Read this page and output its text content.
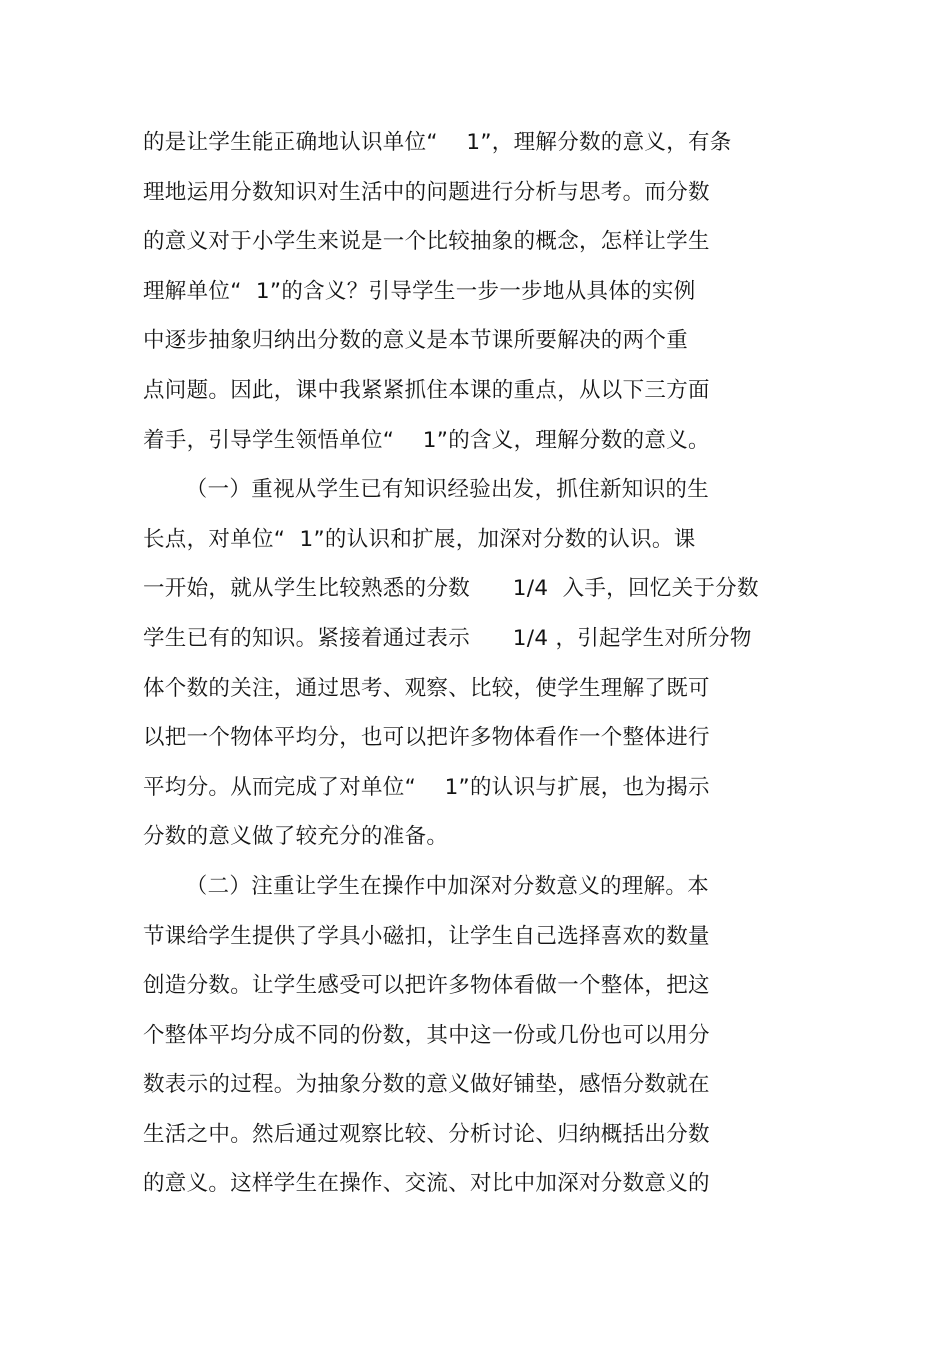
的是让学生能正确地认识单位“    1”，理解分数的意义，有条
理地运用分数知识对生活中的问题进行分析与思考。而分数
的意义对于小学生来说是一个比较抽象的概念，怎样让学生
理解单位“  1”的含义？引导学生一步一步地从具体的实例
中逐步抽象归纳出分数的意义是本节课所要解决的两个重
点问题。因此，课中我紧紧抓住本课的重点，从以下三方面
着手，引导学生领悟单位“    1”的含义，理解分数的意义。
（一）重视从学生已有知识经验出发，抓住新知识的生
长点，对单位“  1”的认识和扩展，加深对分数的认识。课
一开始，就从学生比较熟悉的分数      1/4  入手，回忆关于分数
学生已有的知识。紧接着通过表示      1/4 ，引起学生对所分物
体个数的关注，通过思考、观察、比较，使学生理解了既可
以把一个物体平均分，也可以把许多物体看作一个整体进行
平均分。从而完成了对单位“    1”的认识与扩展，也为揭示
分数的意义做了较充分的准备。
（二）注重让学生在操作中加深对分数意义的理解。本
节课给学生提供了学具小磁扣，让学生自己选择喜欢的数量
创造分数。让学生感受可以把许多物体看做一个整体，把这
个整体平均分成不同的份数，其中这一份或几份也可以用分
数表示的过程。为抽象分数的意义做好铺垫，感悟分数就在
生活之中。然后通过观察比较、分析讨论、归纳概括出分数
的意义。这样学生在操作、交流、对比中加深对分数意义的
